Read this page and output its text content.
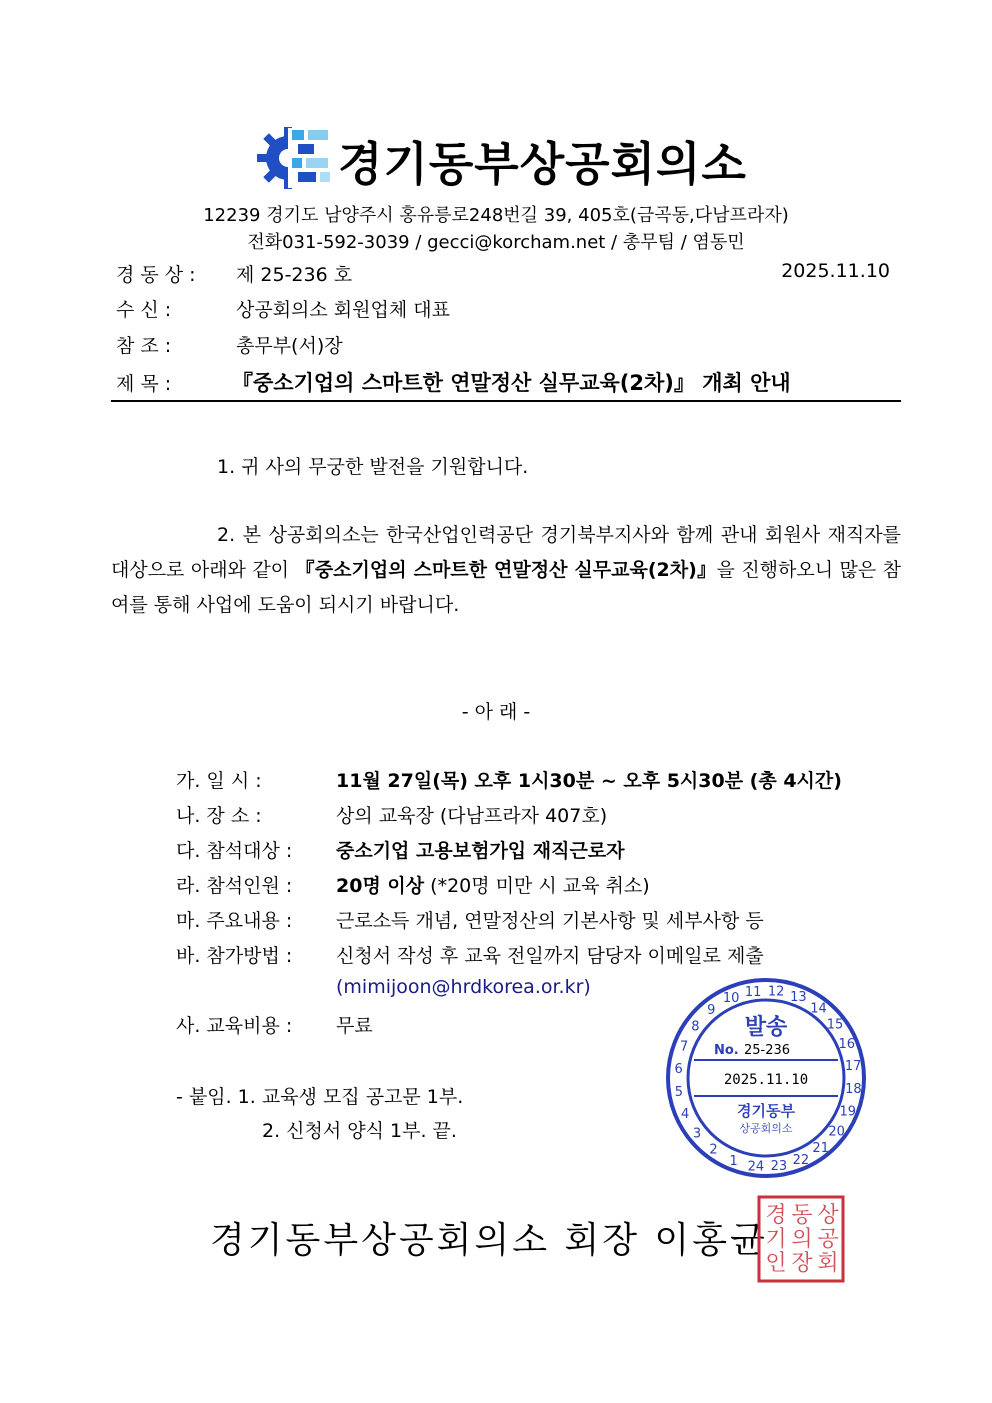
경기동부상공회의소
12239 경기도 남양주시 홍유릉로248번길 39, 405호(금곡동,다남프라자)
전화031-592-3039 / gecci@korcham.net / 총무팀 / 염동민
경 동 상 : 제 25-236 호	2025.11.10
수 신 :	상공회의소 회원업체 대표
참 조 :	총무부(서)장
제 목 :	『중소기업의 스마트한 연말정산 실무교육(2차)』 개최 안내
1. 귀 사의 무궁한 발전을 기원합니다.
2. 본 상공회의소는 한국산업인력공단 경기북부지사와 함께 관내 회원사 재직자를 대상으로 아래와 같이 『중소기업의 스마트한 연말정산 실무교육(2차)』을 진행하오니 많은 참여를 통해 사업에 도움이 되시기 바랍니다.
- 아 래 -
가. 일 시 :	11월 27일(목) 오후 1시30분 ~ 오후 5시30분 (총 4시간)
나. 장 소 :	상의 교육장 (다남프라자 407호)
다. 참석대상 : 중소기업 고용보험가입 재직근로자
라. 참석인원 : 20명 이상 (*20명 미만 시 교육 취소)
마. 주요내용 : 근로소득 개념, 연말정산의 기본사항 및 세부사항 등
바. 참가방법 : 신청서 작성 후 교육 전일까지 담당자 이메일로 제출
(mimijoon@hrdkorea.or.kr)
사. 교육비용 : 무료
- 붙임. 1. 교육생 모집 공고문 1부.
2. 신청서 양식 1부. 끝.
1
2
3
4
5
6
7
8
9
10 11 12 13
14
15
16
17
18
19
20
21
22
23
24
발송
No. 25-236
2025.11.10
경기동부
상공회의소
경기동부상공회의소 회장 이홍균
상
공
회
동
의
장
경
기
인
